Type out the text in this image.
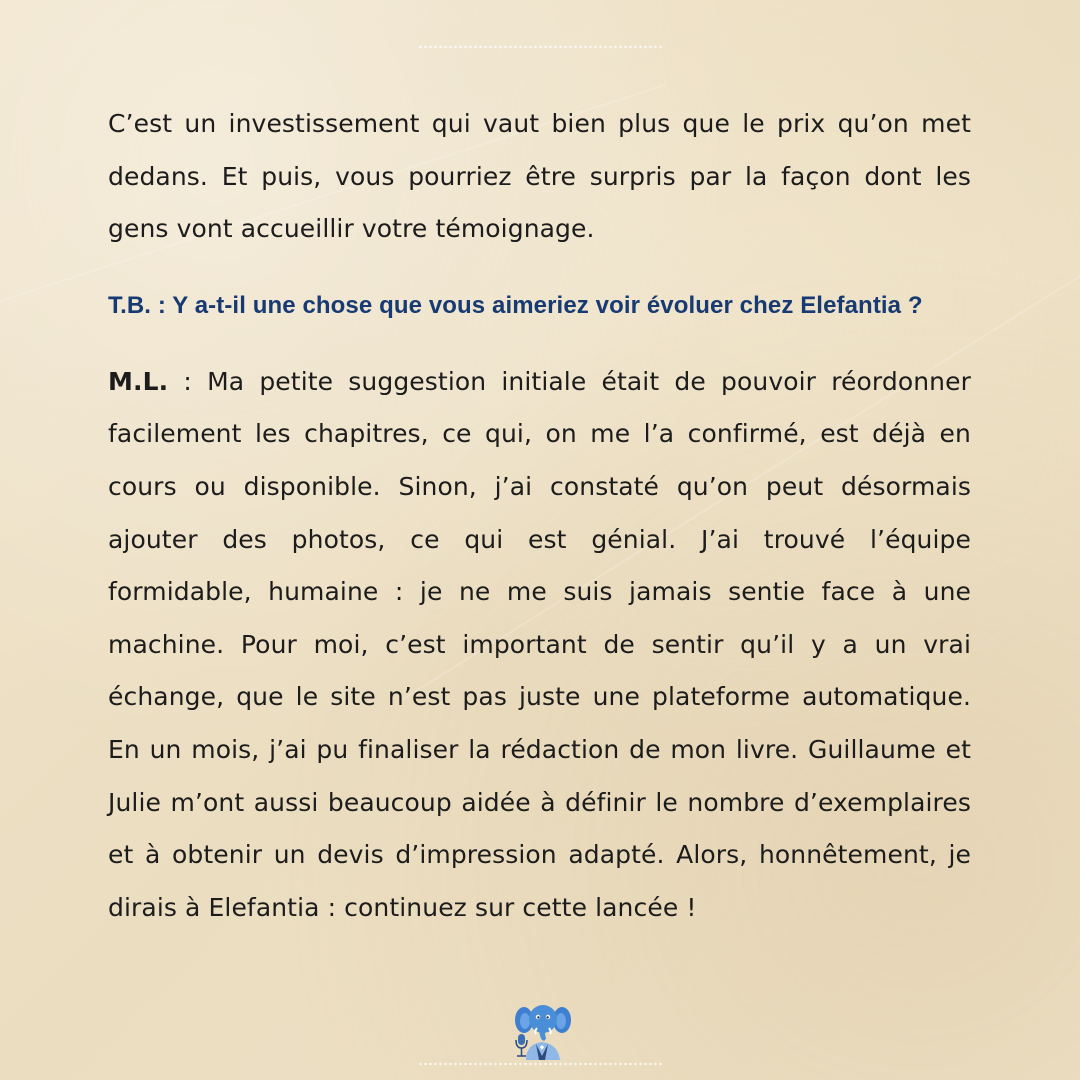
C’est un investissement qui vaut bien plus que le prix qu’on met dedans. Et puis, vous pourriez être surpris par la façon dont les gens vont accueillir votre témoignage.

T.B. : Y a-t-il une chose que vous aimeriez voir évoluer chez Elefantia ?

M.L. : Ma petite suggestion initiale était de pouvoir réordonner facilement les chapitres, ce qui, on me l’a confirmé, est déjà en cours ou disponible. Sinon, j’ai constaté qu’on peut désormais ajouter des photos, ce qui est génial. J’ai trouvé l’équipe formidable, humaine : je ne me suis jamais sentie face à une machine. Pour moi, c’est important de sentir qu’il y a un vrai échange, que le site n’est pas juste une plateforme automatique. En un mois, j’ai pu finaliser la rédaction de mon livre. Guillaume et Julie m’ont aussi beaucoup aidée à définir le nombre d’exemplaires et à obtenir un devis d’impression adapté. Alors, honnêtement, je dirais à Elefantia : continuez sur cette lancée !
